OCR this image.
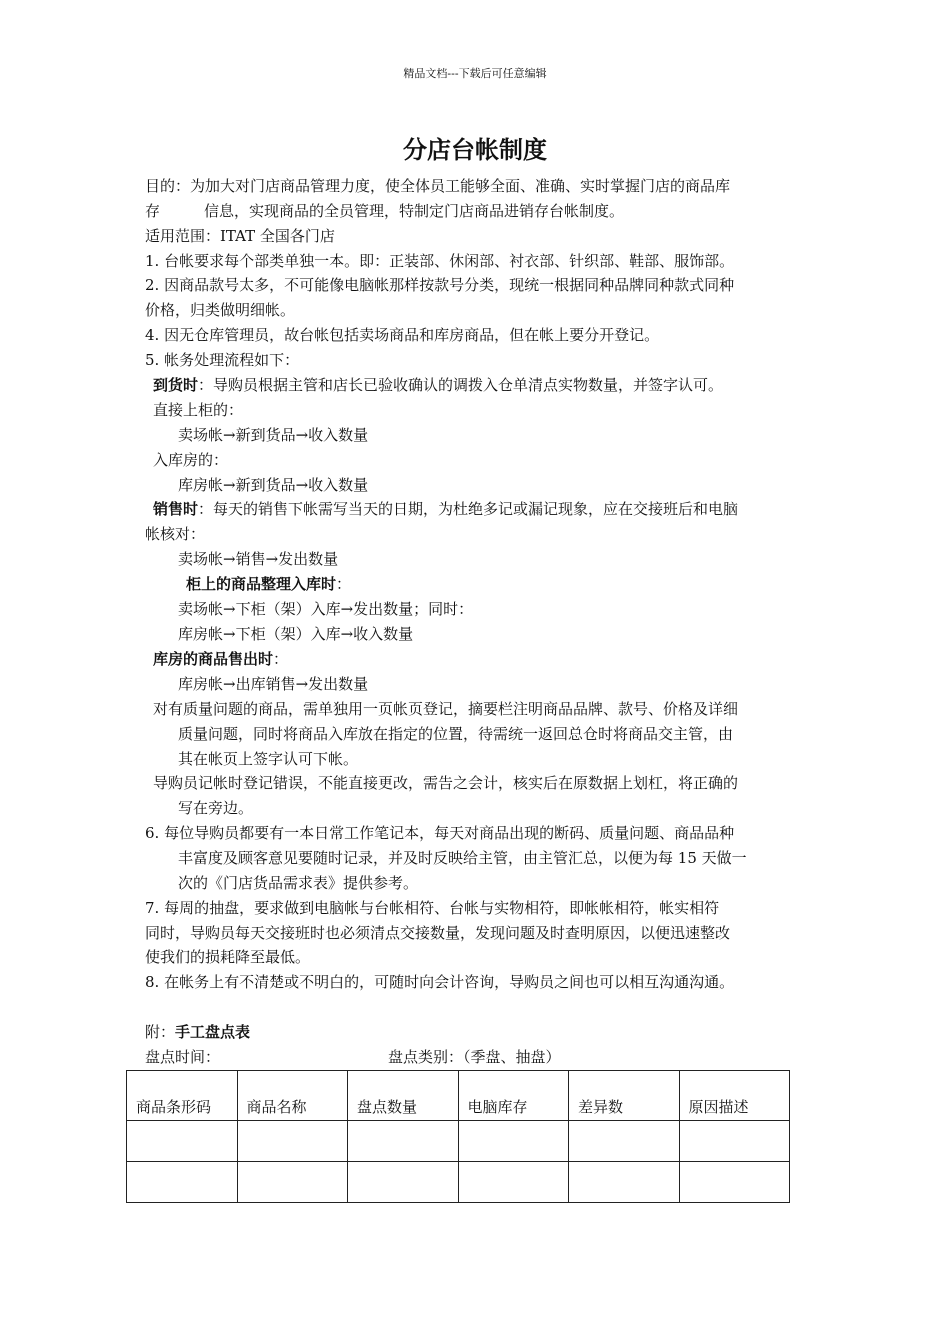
精品文档---下载后可任意编辑
分店台帐制度
目的：为加大对门店商品管理力度，使全体员工能够全面、准确、实时掌握门店的商品库
存	信息，实现商品的全员管理，特制定门店商品进销存台帐制度。
适用范围：ITAT 全国各门店
1. 台帐要求每个部类单独一本。即：正装部、休闲部、衬衣部、针织部、鞋部、服饰部。
2. 因商品款号太多，不可能像电脑帐那样按款号分类，现统一根据同种品牌同种款式同种
价格，归类做明细帐。
4. 因无仓库管理员，故台帐包括卖场商品和库房商品，但在帐上要分开登记。
5. 帐务处理流程如下：
到货时：导购员根据主管和店长已验收确认的调拨入仓单清点实物数量，并签字认可。
直接上柜的：
卖场帐→新到货品→收入数量
入库房的：
库房帐→新到货品→收入数量
销售时：每天的销售下帐需写当天的日期，为杜绝多记或漏记现象，应在交接班后和电脑
帐核对：
卖场帐→销售→发出数量
柜上的商品整理入库时：
卖场帐→下柜（架）入库→发出数量；同时：
库房帐→下柜（架）入库→收入数量
库房的商品售出时：
库房帐→出库销售→发出数量
对有质量问题的商品，需单独用一页帐页登记，摘要栏注明商品品牌、款号、价格及详细
质量问题，同时将商品入库放在指定的位置，待需统一返回总仓时将商品交主管，由
其在帐页上签字认可下帐。
导购员记帐时登记错误，不能直接更改，需告之会计，核实后在原数据上划杠，将正确的
写在旁边。
6. 每位导购员都要有一本日常工作笔记本，每天对商品出现的断码、质量问题、商品品种
丰富度及顾客意见要随时记录，并及时反映给主管，由主管汇总，以便为每 15 天做一
次的《门店货品需求表》提供参考。
7. 每周的抽盘，要求做到电脑帐与台帐相符、台帐与实物相符，即帐帐相符，帐实相符
同时，导购员每天交接班时也必须清点交接数量，发现问题及时查明原因，以便迅速整改
使我们的损耗降至最低。
8. 在帐务上有不清楚或不明白的，可随时向会计咨询，导购员之间也可以相互沟通沟通。
附：手工盘点表
盘点时间：	盘点类别：（季盘、抽盘）
商品条形码	商品名称	盘点数量	电脑库存	差异数	原因描述
